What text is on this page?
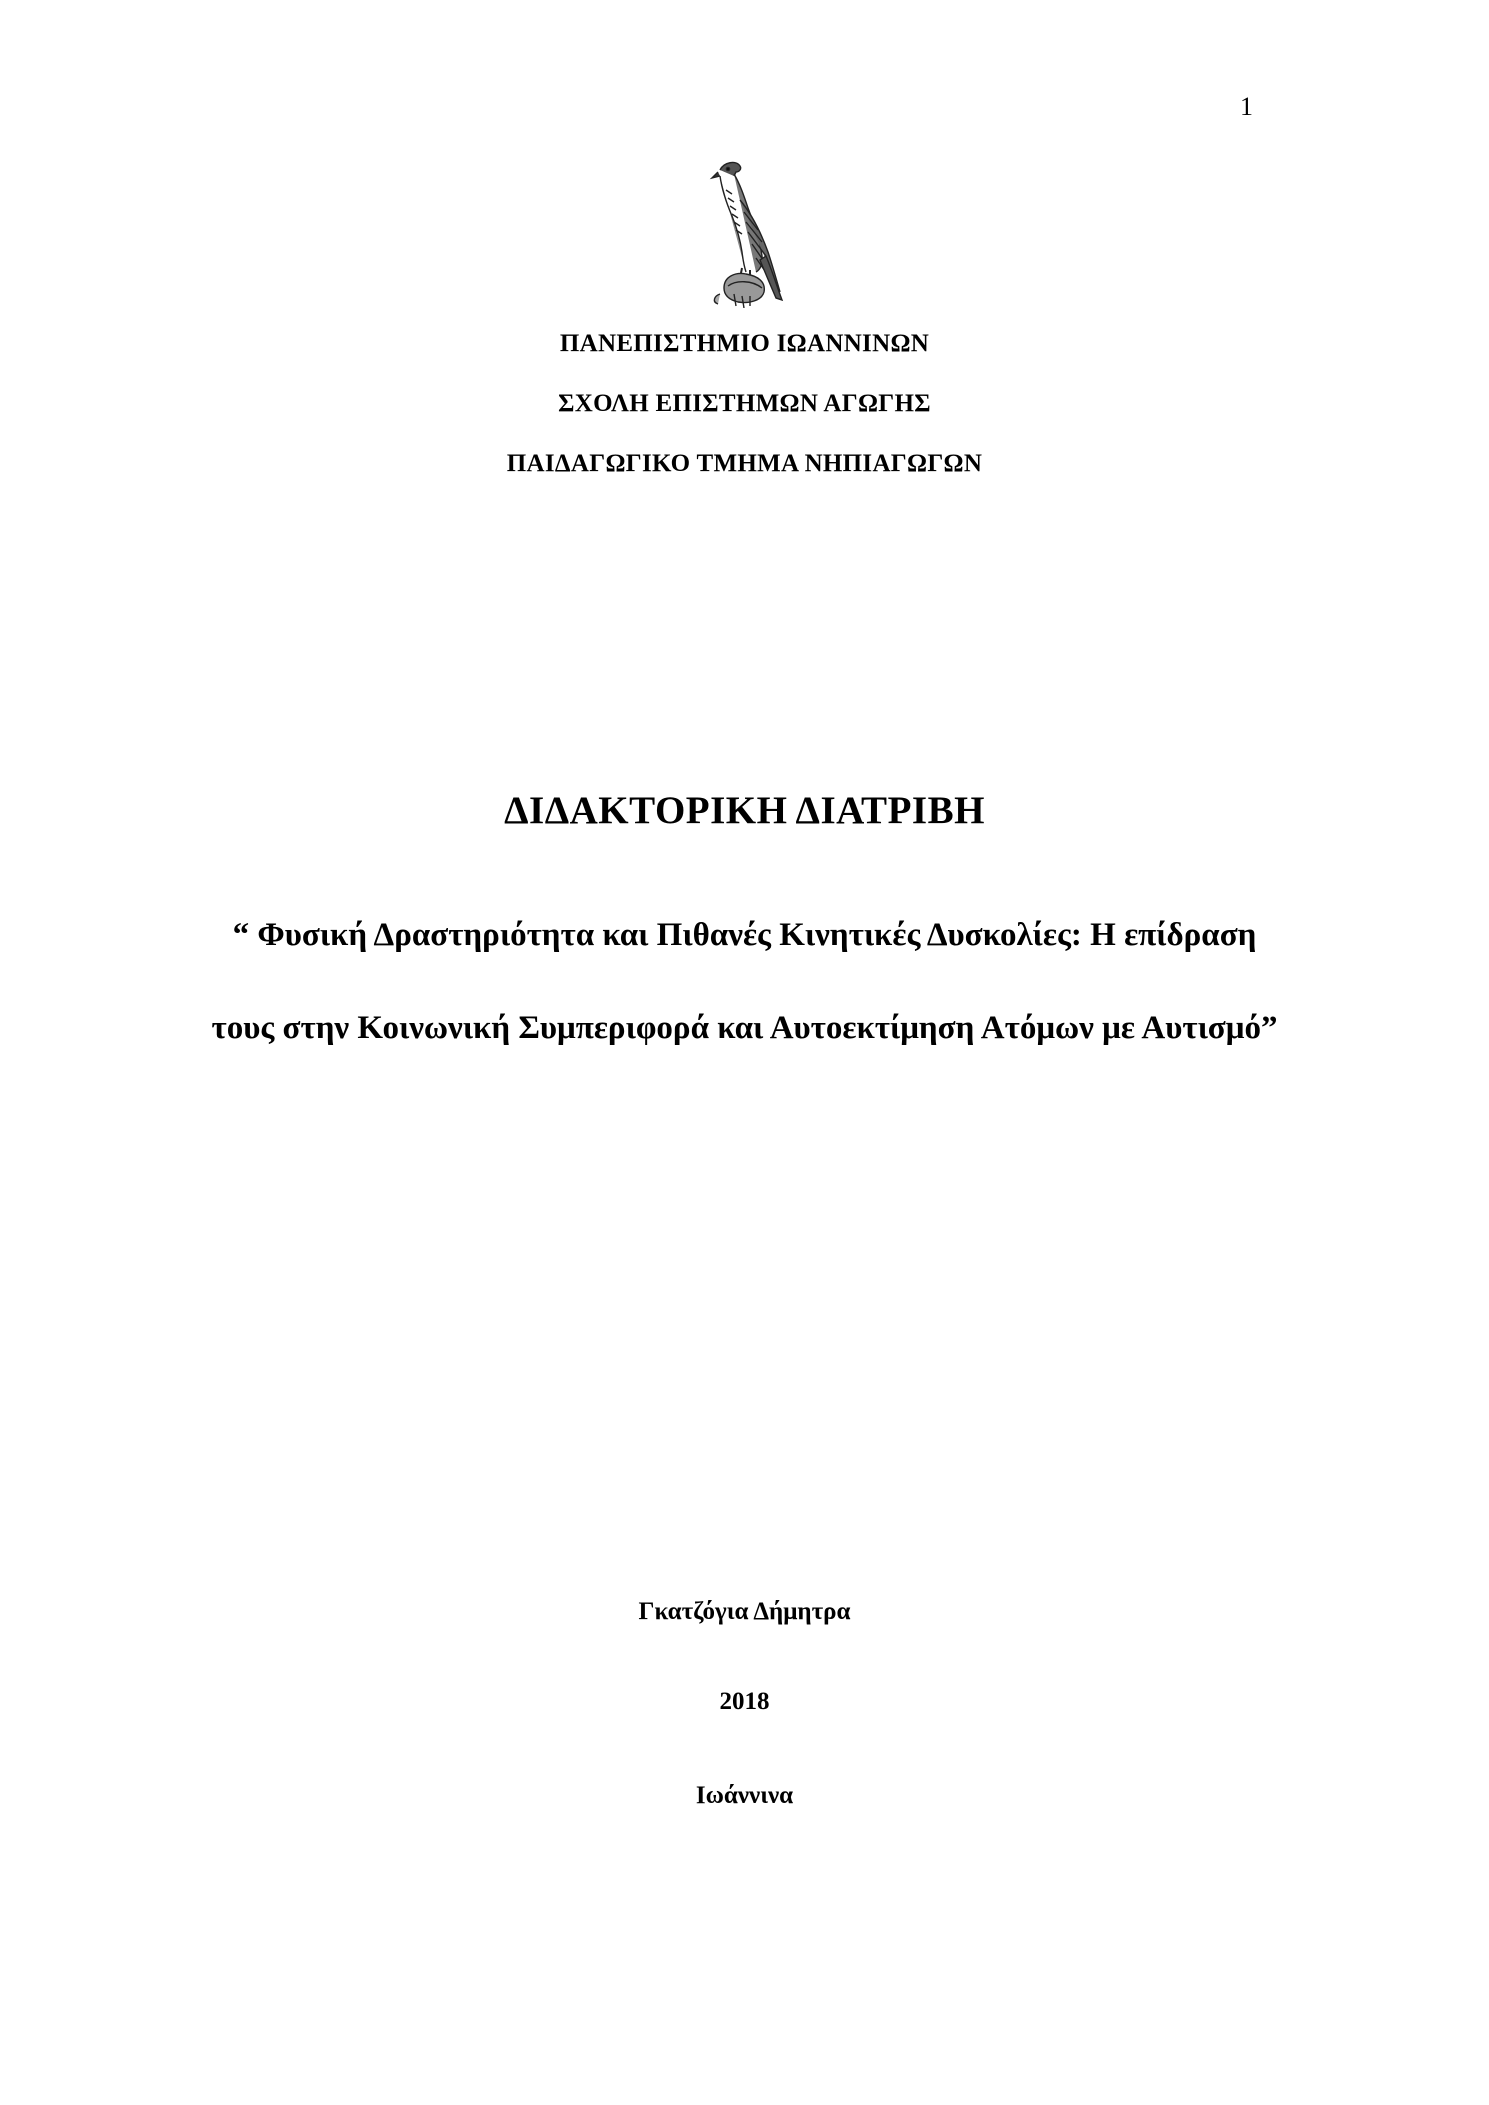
1
ΠΑΝΕΠΙΣΤΗΜΙΟ ΙΩΑΝΝΙΝΩΝ
ΣΧΟΛΗ ΕΠΙΣΤΗΜΩΝ ΑΓΩΓΗΣ
ΠΑΙΔΑΓΩΓΙΚΟ ΤΜΗΜΑ ΝΗΠΙΑΓΩΓΩΝ
ΔΙΔΑΚΤΟΡΙΚΗ ΔΙΑΤΡΙΒΗ
“ Φυσική Δραστηριότητα και Πιθανές Κινητικές Δυσκολίες: Η επίδραση
τους στην Κοινωνική Συμπεριφορά και Αυτοεκτίμηση Ατόμων με Αυτισμό”
Γκατζόγια Δήμητρα
2018
Ιωάννινα
